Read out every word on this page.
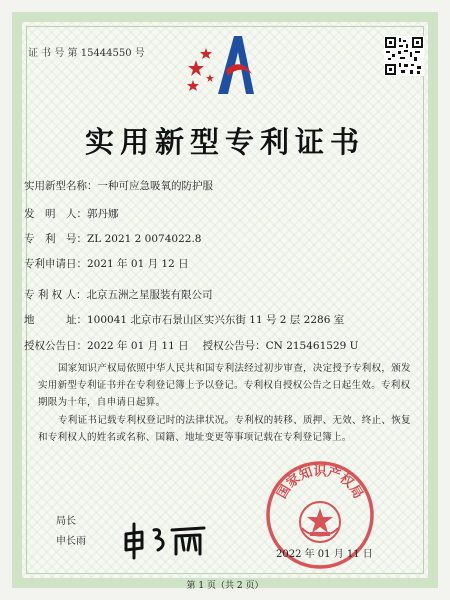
证 书 号 第 15444550 号
实用新型专利证书
实用新型名称：一种可应急吸氧的防护服
发　明　人：郭丹娜
专　利　号：ZL 2021 2 0074022.8
专利申请日：2021 年 01 月 12 日
专 利 权 人：北京五洲之星服装有限公司
地　　　址：100041 北京市石景山区实兴东街 11 号 2 层 2286 室
授权公告日：2022 年 01 月 11 日 授权公告号：CN 215461529 U
国家知识产权局依照中华人民共和国专利法经过初步审查，决定授予专利权，颁发实用新型专利证书并在专利登记簿上予以登记。专利权自授权公告之日起生效。专利权期限为十年，自申请日起算。
专利证书记载专利权登记时的法律状况。专利权的转移、质押、无效、终止、恢复和专利权人的姓名或名称、国籍、地址变更等事项记载在专利登记簿上。
局长
申长雨
国家知识产权局
2022 年 01 月 11 日
第 1 页（共 2 页）
